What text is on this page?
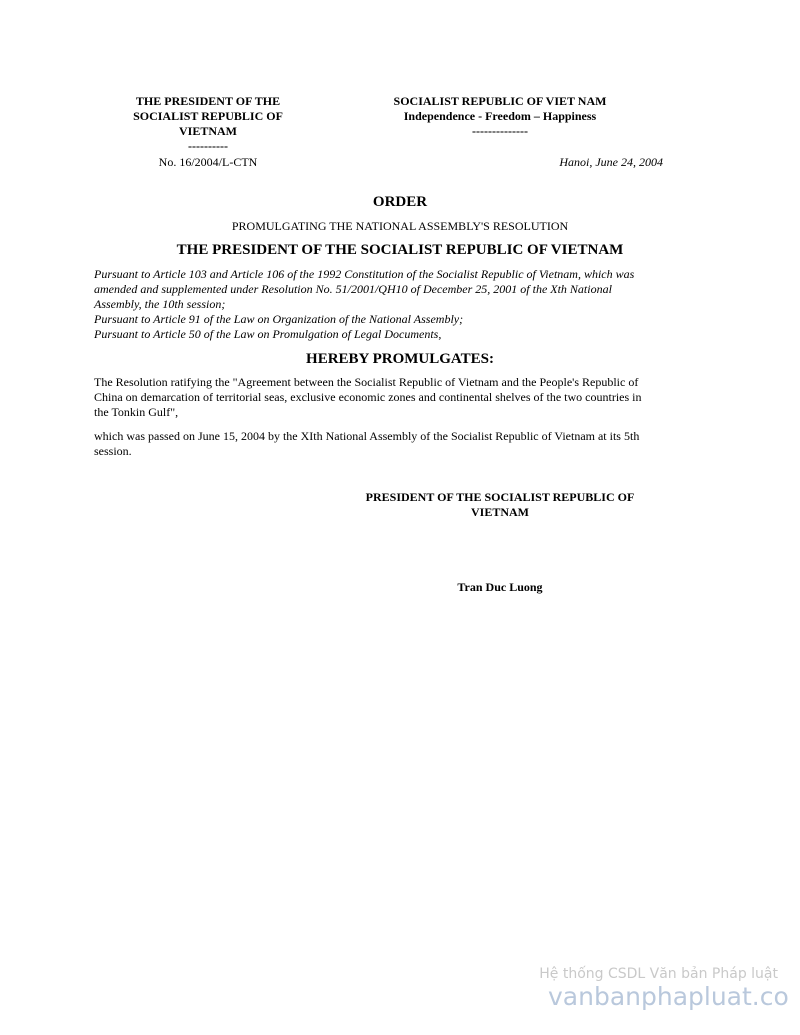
THE PRESIDENT OF THE
SOCIALIST REPUBLIC OF
VIETNAM
----------
SOCIALIST REPUBLIC OF VIET NAM
Independence - Freedom – Happiness
--------------
No. 16/2004/L-CTN	Hanoi, June 24, 2004
ORDER
PROMULGATING THE NATIONAL ASSEMBLY'S RESOLUTION
THE PRESIDENT OF THE SOCIALIST REPUBLIC OF VIETNAM
Pursuant to Article 103 and Article 106 of the 1992 Constitution of the Socialist Republic of Vietnam, which was
amended and supplemented under Resolution No. 51/2001/QH10 of December 25, 2001 of the Xth National
Assembly, the 10th session;
Pursuant to Article 91 of the Law on Organization of the National Assembly;
Pursuant to Article 50 of the Law on Promulgation of Legal Documents,
HEREBY PROMULGATES:
The Resolution ratifying the "Agreement between the Socialist Republic of Vietnam and the People's Republic of
China on demarcation of territorial seas, exclusive economic zones and continental shelves of the two countries in
the Tonkin Gulf",
which was passed on June 15, 2004 by the XIth National Assembly of the Socialist Republic of Vietnam at its 5th
session.
PRESIDENT OF THE SOCIALIST REPUBLIC OF
VIETNAM
Tran Duc Luong
Hệ thống CSDL Văn bản Pháp luật
vanbanphapluat.co
